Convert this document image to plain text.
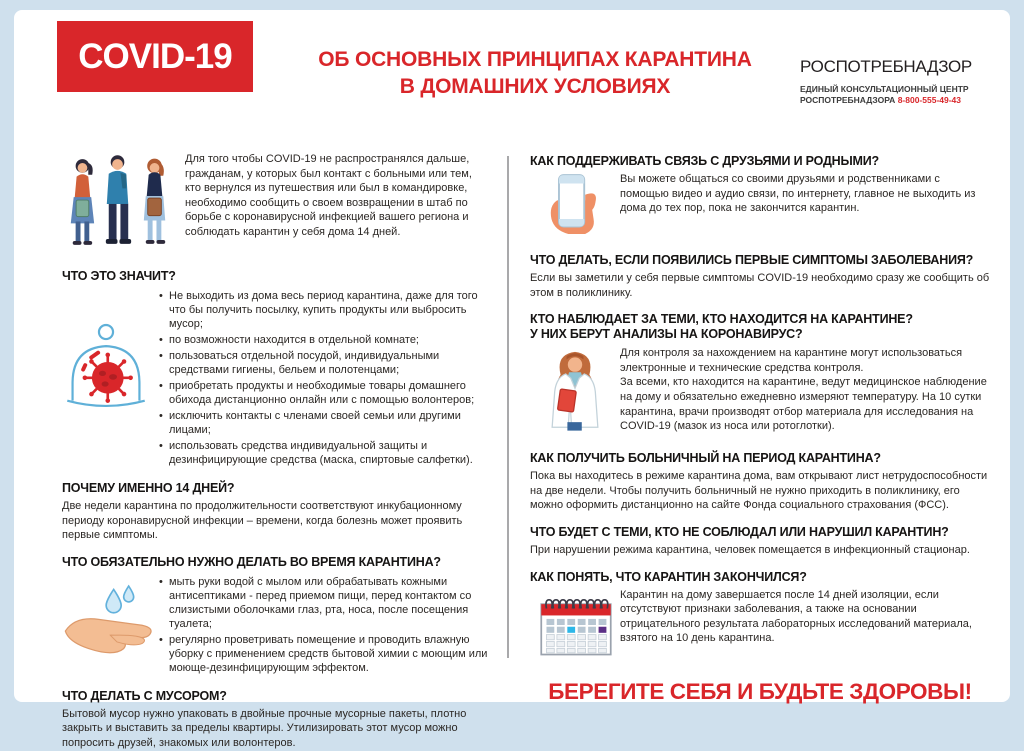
COVID-19	ОБ ОСНОВНЫХ ПРИНЦИПАХ КАРАНТИНА
В ДОМАШНИХ УСЛОВИЯХ
РОСПОТРЕБНАДЗОР
ЕДИНЫЙ КОНСУЛЬТАЦИОННЫЙ ЦЕНТР
РОСПОТРЕБНАДЗОРА 8-800-555-49-43

Для того чтобы COVID-19 не распространялся дальше, гражданам, у которых был контакт с больными или тем, кто вернулся из путешествия или был в командировке, необходимо сообщить о своем возвращении в штаб по борьбе с коронавирусной инфекцией вашего региона и соблюдать карантин у себя дома 14 дней.

ЧТО ЭТО ЗНАЧИТ?
• Не выходить из дома весь период карантина, даже для того что бы получить посылку, купить продукты или выбросить мусор;
• по возможности находится в отдельной комнате;
• пользоваться отдельной посудой, индивидуальными средствами гигиены, бельем и полотенцами;
• приобретать продукты и необходимые товары домашнего обихода дистанционно онлайн или с помощью волонтеров;
• исключить контакты с членами своей семьи или другими лицами;
• использовать средства индивидуальной защиты и дезинфицирующие средства (маска, спиртовые салфетки).
ПОЧЕМУ ИМЕННО 14 ДНЕЙ?

Две недели карантина по продолжительности соответствуют инкубационному периоду коронавирусной инфекции – времени, когда болезнь может проявить первые симптомы.

ЧТО ОБЯЗАТЕЛЬНО НУЖНО ДЕЛАТЬ ВО ВРЕМЯ КАРАНТИНА?
• мыть руки водой с мылом или обрабатывать кожными антисептиками - перед приемом пищи, перед контактом со слизистыми оболочками глаз, рта, носа, после посещения туалета;
• регулярно проветривать помещение и проводить влажную уборку с применением средств бытовой химии с моющим или моюще-дезинфицирующим эффектом.
ЧТО ДЕЛАТЬ С МУСОРОМ?

Бытовой мусор нужно упаковать в двойные прочные мусорные пакеты, плотно закрыть и выставить за пределы квартиры. Утилизировать этот мусор можно попросить друзей, знакомых или волонтеров.

КАК ПОДДЕРЖИВАТЬ СВЯЗЬ С ДРУЗЬЯМИ И РОДНЫМИ?

Вы можете общаться со своими друзьями и родственниками с помощью видео и аудио связи, по интернету, главное не выходить из дома до тех пор, пока не закончится карантин.

ЧТО ДЕЛАТЬ, ЕСЛИ ПОЯВИЛИСЬ ПЕРВЫЕ СИМПТОМЫ ЗАБОЛЕВАНИЯ?

Если вы заметили у себя первые симптомы COVID-19 необходимо сразу же сообщить об этом в поликлинику.

КТО НАБЛЮДАЕТ ЗА ТЕМИ, КТО НАХОДИТСЯ НА КАРАНТИНЕ?
У НИХ БЕРУТ АНАЛИЗЫ НА КОРОНАВИРУС?

Для контроля за нахождением на карантине могут использоваться электронные и технические средства контроля.

За всеми, кто находится на карантине, ведут медицинское наблюдение на дому и обязательно ежедневно измеряют температуру. На 10 сутки карантина, врачи производят отбор материала для исследования на COVID-19 (мазок из носа или ротоглотки).

КАК ПОЛУЧИТЬ БОЛЬНИЧНЫЙ НА ПЕРИОД КАРАНТИНА?

Пока вы находитесь в режиме карантина дома, вам открывают лист нетрудоспособности на две недели. Чтобы получить больничный не нужно приходить в поликлинику, его можно оформить дистанционно на сайте Фонда социального страхования (ФСС).

ЧТО БУДЕТ С ТЕМИ, КТО НЕ СОБЛЮДАЛ ИЛИ НАРУШИЛ КАРАНТИН?

При нарушении режима карантина, человек помещается в инфекционный стационар.

КАК ПОНЯТЬ, ЧТО КАРАНТИН ЗАКОНЧИЛСЯ?

Карантин на дому завершается после 14 дней изоляции, если отсутствуют признаки заболевания, а также на основании отрицательного результата лабораторных исследований материала, взятого на 10 день карантина.

БЕРЕГИТЕ СЕБЯ И БУДЬТЕ ЗДОРОВЫ!
